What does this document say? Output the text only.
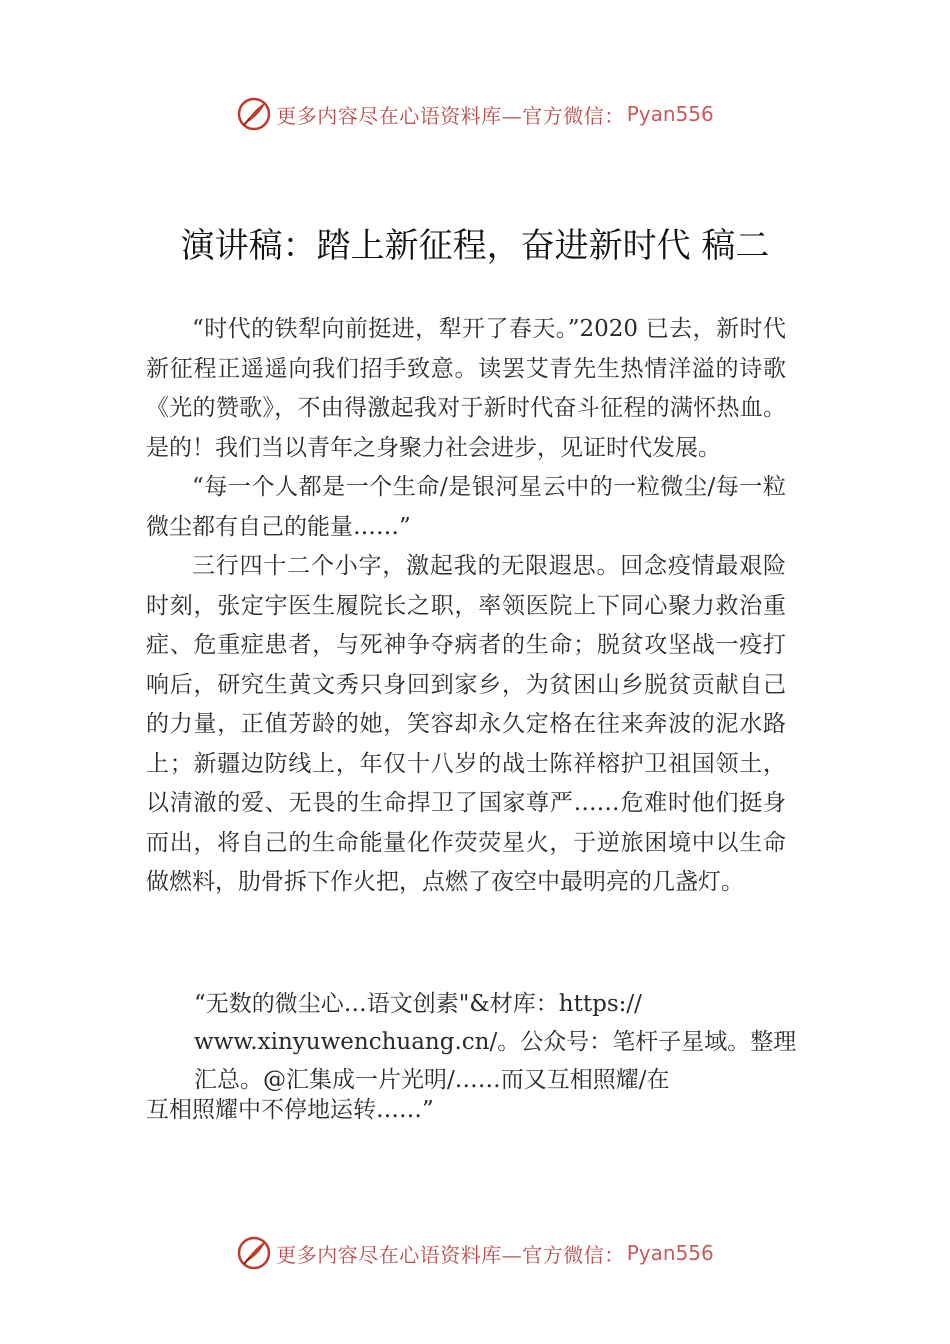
更多内容尽在心语资料库—官方微信： Pyan556
演讲稿：踏上新征程，奋进新时代 稿二

“时代的铁犁向前挺进，犁开了春天。”2020 已去，新时代新征程正遥遥向我们招手致意。读罢艾青先生热情洋溢的诗歌《光的赞歌》，不由得激起我对于新时代奋斗征程的满怀热血。是的！我们当以青年之身聚力社会进步，见证时代发展。

“每一个人都是一个生命/是银河星云中的一粒微尘/每一粒微尘都有自己的能量……”

三行四十二个小字，激起我的无限遐思。回念疫情最艰险时刻，张定宇医生履院长之职，率领医院上下同心聚力救治重症、危重症患者，与死神争夺病者的生命；脱贫攻坚战一疫打响后，研究生黄文秀只身回到家乡，为贫困山乡脱贫贡献自己的力量，正值芳龄的她，笑容却永久定格在往来奔波的泥水路上；新疆边防线上，年仅十八岁的战士陈祥榕护卫祖国领土，以清澈的爱、无畏的生命捍卫了国家尊严……危难时他们挺身而出，将自己的生命能量化作荧荧星火，于逆旅困境中以生命做燃料，肋骨拆下作火把，点燃了夜空中最明亮的几盏灯。

“无数的微尘心…语文创素"&材库：https://

www.xinyuwenchuang.cn/。公众号：笔杆子星域。整理

汇总。@汇集成一片光明/……而又互相照耀/在

互相照耀中不停地运转……”
更多内容尽在心语资料库—官方微信： Pyan556
